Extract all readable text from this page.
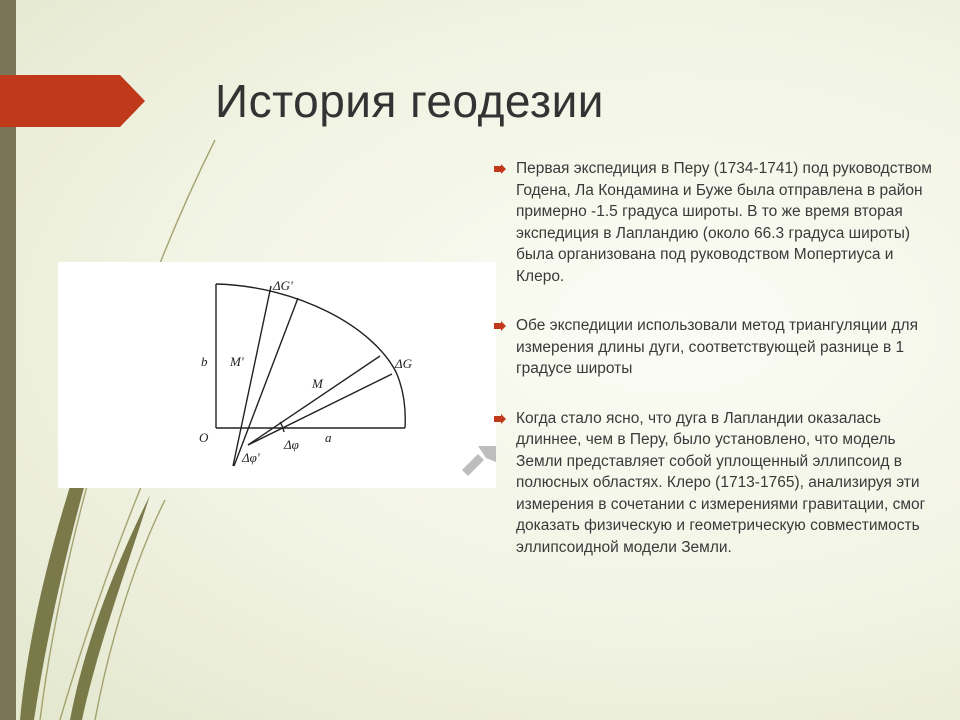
История геодезии
ΔG'
M'
b	ΔG
M
O	Δφ a
Δφ'

Первая экспедиция в Перу (1734-1741) под руководством Годена, Ла Кондамина и Буже была отправлена в район примерно -1.5 градуса широты. В то же время вторая экспедиция в Лапландию (около 66.3 градуса широты) была организована под руководством Мопертиуса и Клеро.

Обе экспедиции использовали метод триангуляции для измерения длины дуги, соответствующей разнице в 1 градусе широты

Когда стало ясно, что дуга в Лапландии оказалась длиннее, чем в Перу, было установлено, что модель Земли представляет собой уплощенный эллипсоид в полюсных областях. Клеро (1713-1765), анализируя эти измерения в сочетании с измерениями гравитации, смог доказать физическую и геометрическую совместимость эллипсоидной модели Земли.
